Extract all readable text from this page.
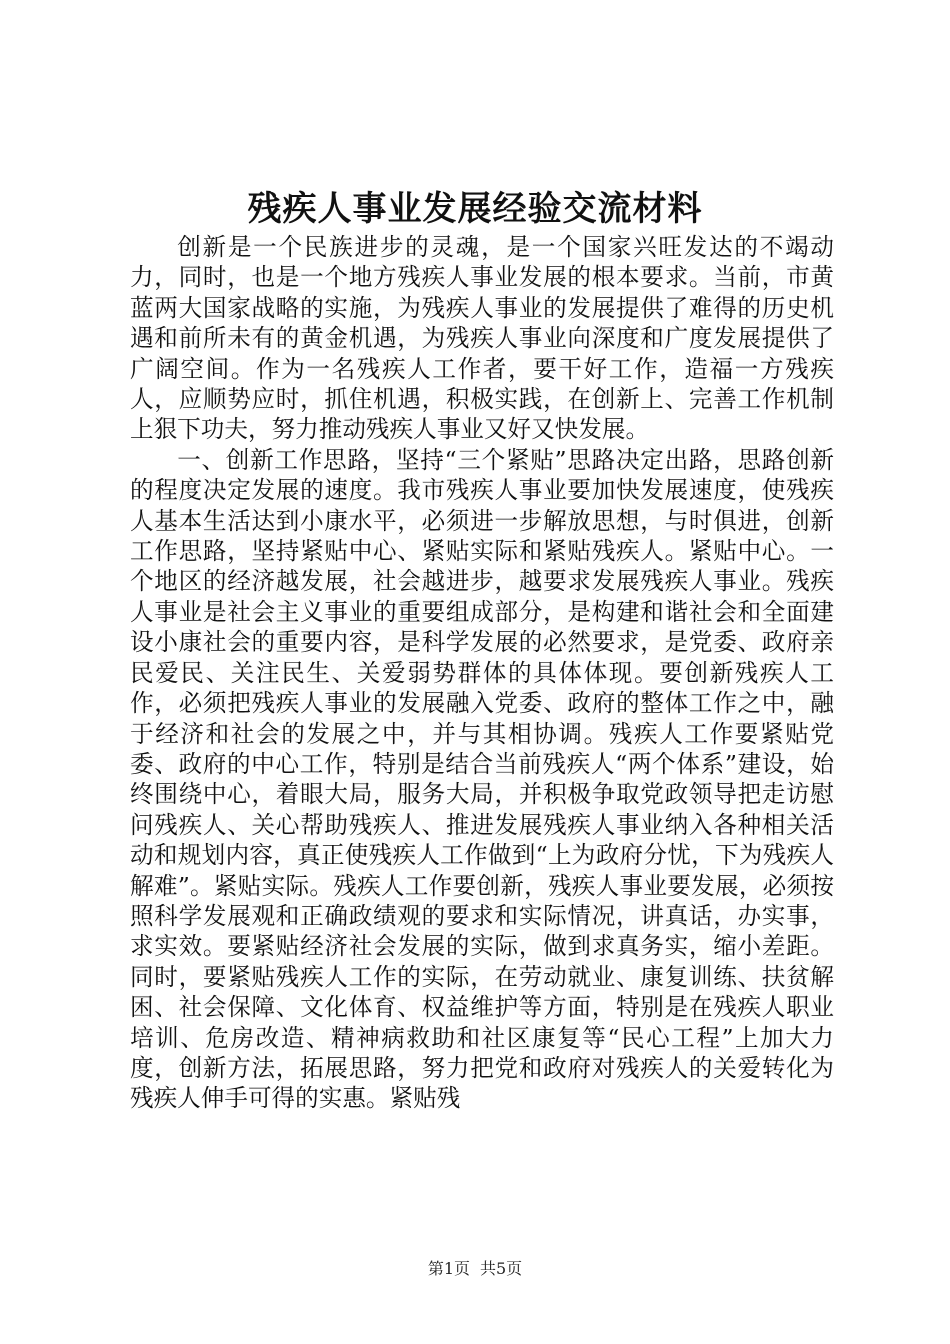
残疾人事业发展经验交流材料

创新是一个民族进步的灵魂，是一个国家兴旺发达的不竭动力，同时，也是一个地方残疾人事业发展的根本要求。当前，市黄蓝两大国家战略的实施，为残疾人事业的发展提供了难得的历史机遇和前所未有的黄金机遇，为残疾人事业向深度和广度发展提供了广阔空间。作为一名残疾人工作者，要干好工作，造福一方残疾人，应顺势应时，抓住机遇，积极实践，在创新上、完善工作机制上狠下功夫，努力推动残疾人事业又好又快发展。

一、创新工作思路，坚持“三个紧贴”思路决定出路，思路创新的程度决定发展的速度。我市残疾人事业要加快发展速度，使残疾人基本生活达到小康水平，必须进一步解放思想，与时俱进，创新工作思路，坚持紧贴中心、紧贴实际和紧贴残疾人。紧贴中心。一个地区的经济越发展，社会越进步，越要求发展残疾人事业。残疾人事业是社会主义事业的重要组成部分，是构建和谐社会和全面建设小康社会的重要内容，是科学发展的必然要求，是党委、政府亲民爱民、关注民生、关爱弱势群体的具体体现。要创新残疾人工作，必须把残疾人事业的发展融入党委、政府的整体工作之中，融于经济和社会的发展之中，并与其相协调。残疾人工作要紧贴党委、政府的中心工作，特别是结合当前残疾人“两个体系”建设，始终围绕中心，着眼大局，服务大局，并积极争取党政领导把走访慰问残疾人、关心帮助残疾人、推进发展残疾人事业纳入各种相关活动和规划内容，真正使残疾人工作做到“上为政府分忧，下为残疾人解难”。紧贴实际。残疾人工作要创新，残疾人事业要发展，必须按照科学发展观和正确政绩观的要求和实际情况，讲真话，办实事，求实效。要紧贴经济社会发展的实际，做到求真务实，缩小差距。同时，要紧贴残疾人工作的实际，在劳动就业、康复训练、扶贫解困、社会保障、文化体育、权益维护等方面，特别是在残疾人职业培训、危房改造、精神病救助和社区康复等“民心工程”上加大力度，创新方法，拓展思路，努力把党和政府对残疾人的关爱转化为残疾人伸手可得的实惠。紧贴残

第1页 共5页
